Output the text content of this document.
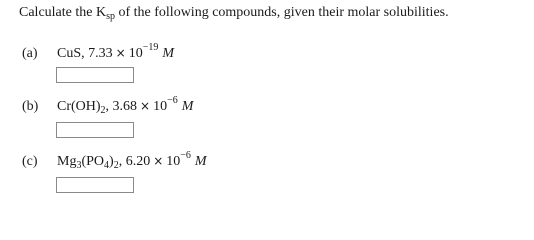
Calculate the $K_{sp}$ of the following compounds, given their molar solubilities.
(a) CuS, $7.33 \times 10^{-19}$ M
(b) $Cr(OH)_2$, $3.68 \times 10^{-6}$ M
(c) $Mg_3(PO_4)_2$, $6.20 \times 10^{-6}$ M
